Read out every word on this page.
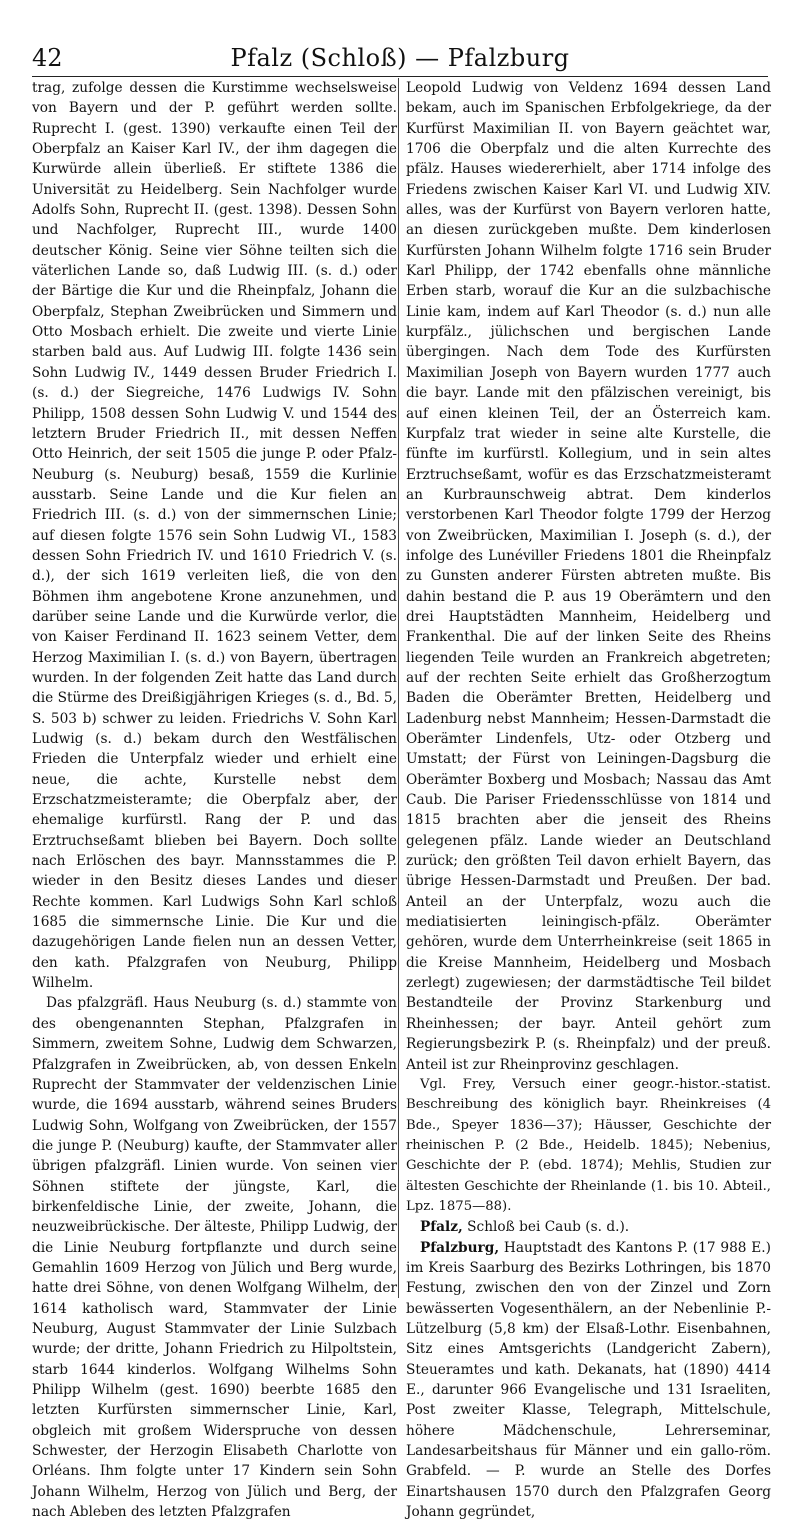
42	Pfalz (Schloß) — Pfalzburg

trag, zufolge dessen die Kurstimme wechselsweise von Bayern und der P. geführt werden sollte. Ruprecht I. (gest. 1390) verkaufte einen Teil der Oberpfalz an Kaiser Karl IV., der ihm dagegen die Kurwürde allein überließ. Er stiftete 1386 die Universität zu Heidelberg. Sein Nachfolger wurde Adolfs Sohn, Ruprecht II. (gest. 1398). Dessen Sohn und Nachfolger, Ruprecht III., wurde 1400 deutscher König. Seine vier Söhne teilten sich die väterlichen Lande so, daß Ludwig III. (s. d.) oder der Bärtige die Kur und die Rheinpfalz, Johann die Oberpfalz, Stephan Zweibrücken und Simmern und Otto Mosbach erhielt. Die zweite und vierte Linie starben bald aus. Auf Ludwig III. folgte 1436 sein Sohn Ludwig IV., 1449 dessen Bruder Friedrich I. (s. d.) der Siegreiche, 1476 Ludwigs IV. Sohn Philipp, 1508 dessen Sohn Ludwig V. und 1544 des letztern Bruder Friedrich II., mit dessen Neffen Otto Heinrich, der seit 1505 die junge P. oder Pfalz-Neuburg (s. Neuburg) besaß, 1559 die Kurlinie ausstarb. Seine Lande und die Kur fielen an Friedrich III. (s. d.) von der simmernschen Linie; auf diesen folgte 1576 sein Sohn Ludwig VI., 1583 dessen Sohn Friedrich IV. und 1610 Friedrich V. (s. d.), der sich 1619 verleiten ließ, die von den Böhmen ihm angebotene Krone anzunehmen, und darüber seine Lande und die Kurwürde verlor, die von Kaiser Ferdinand II. 1623 seinem Vetter, dem Herzog Maximilian I. (s. d.) von Bayern, übertragen wurden. In der folgenden Zeit hatte das Land durch die Stürme des Dreißigjährigen Krieges (s. d., Bd. 5, S. 503 b) schwer zu leiden. Friedrichs V. Sohn Karl Ludwig (s. d.) bekam durch den Westfälischen Frieden die Unterpfalz wieder und erhielt eine neue, die achte, Kurstelle nebst dem Erzschatzmeisteramte; die Oberpfalz aber, der ehemalige kurfürstl. Rang der P. und das Erztruchseßamt blieben bei Bayern. Doch sollte nach Erlöschen des bayr. Mannsstammes die P. wieder in den Besitz dieses Landes und dieser Rechte kommen. Karl Ludwigs Sohn Karl schloß 1685 die simmernsche Linie. Die Kur und die dazugehörigen Lande fielen nun an dessen Vetter, den kath. Pfalzgrafen von Neuburg, Philipp Wilhelm.

Das pfalzgräfl. Haus Neuburg (s. d.) stammte von des obengenannten Stephan, Pfalzgrafen in Simmern, zweitem Sohne, Ludwig dem Schwarzen, Pfalzgrafen in Zweibrücken, ab, von dessen Enkeln Ruprecht der Stammvater der veldenzischen Linie wurde, die 1694 ausstarb, während seines Bruders Ludwig Sohn, Wolfgang von Zweibrücken, der 1557 die junge P. (Neuburg) kaufte, der Stammvater aller übrigen pfalzgräfl. Linien wurde. Von seinen vier Söhnen stiftete der jüngste, Karl, die birkenfeldische Linie, der zweite, Johann, die neuzweibrückische. Der älteste, Philipp Ludwig, der die Linie Neuburg fortpflanzte und durch seine Gemahlin 1609 Herzog von Jülich und Berg wurde, hatte drei Söhne, von denen Wolfgang Wilhelm, der 1614 katholisch ward, Stammvater der Linie Neuburg, August Stammvater der Linie Sulzbach wurde; der dritte, Johann Friedrich zu Hilpoltstein, starb 1644 kinderlos. Wolfgang Wilhelms Sohn Philipp Wilhelm (gest. 1690) beerbte 1685 den letzten Kurfürsten simmernscher Linie, Karl, obgleich mit großem Widerspruche von dessen Schwester, der Herzogin Elisabeth Charlotte von Orléans. Ihm folgte unter 17 Kindern sein Sohn Johann Wilhelm, Herzog von Jülich und Berg, der nach Ableben des letzten Pfalzgrafen

Leopold Ludwig von Veldenz 1694 dessen Land bekam, auch im Spanischen Erbfolgekriege, da der Kurfürst Maximilian II. von Bayern geächtet war, 1706 die Oberpfalz und die alten Kurrechte des pfälz. Hauses wiedererhielt, aber 1714 infolge des Friedens zwischen Kaiser Karl VI. und Ludwig XIV. alles, was der Kurfürst von Bayern verloren hatte, an diesen zurückgeben mußte. Dem kinderlosen Kurfürsten Johann Wilhelm folgte 1716 sein Bruder Karl Philipp, der 1742 ebenfalls ohne männliche Erben starb, worauf die Kur an die sulzbachische Linie kam, indem auf Karl Theodor (s. d.) nun alle kurpfälz., jülichschen und bergischen Lande übergingen. Nach dem Tode des Kurfürsten Maximilian Joseph von Bayern wurden 1777 auch die bayr. Lande mit den pfälzischen vereinigt, bis auf einen kleinen Teil, der an Österreich kam. Kurpfalz trat wieder in seine alte Kurstelle, die fünfte im kurfürstl. Kollegium, und in sein altes Erztruchseßamt, wofür es das Erzschatzmeisteramt an Kurbraunschweig abtrat. Dem kinderlos verstorbenen Karl Theodor folgte 1799 der Herzog von Zweibrücken, Maximilian I. Joseph (s. d.), der infolge des Lunéviller Friedens 1801 die Rheinpfalz zu Gunsten anderer Fürsten abtreten mußte. Bis dahin bestand die P. aus 19 Oberämtern und den drei Hauptstädten Mannheim, Heidelberg und Frankenthal. Die auf der linken Seite des Rheins liegenden Teile wurden an Frankreich abgetreten; auf der rechten Seite erhielt das Großherzogtum Baden die Oberämter Bretten, Heidelberg und Ladenburg nebst Mannheim; Hessen-Darmstadt die Oberämter Lindenfels, Utz- oder Otzberg und Umstatt; der Fürst von Leiningen-Dagsburg die Oberämter Boxberg und Mosbach; Nassau das Amt Caub. Die Pariser Friedensschlüsse von 1814 und 1815 brachten aber die jenseit des Rheins gelegenen pfälz. Lande wieder an Deutschland zurück; den größten Teil davon erhielt Bayern, das übrige Hessen-Darmstadt und Preußen. Der bad. Anteil an der Unterpfalz, wozu auch die mediatisierten leiningisch-pfälz. Oberämter gehören, wurde dem Unterrheinkreise (seit 1865 in die Kreise Mannheim, Heidelberg und Mosbach zerlegt) zugewiesen; der darmstädtische Teil bildet Bestandteile der Provinz Starkenburg und Rheinhessen; der bayr. Anteil gehört zum Regierungsbezirk P. (s. Rheinpfalz) und der preuß. Anteil ist zur Rheinprovinz geschlagen.

Vgl. Frey, Versuch einer geogr.-histor.-statist. Beschreibung des königlich bayr. Rheinkreises (4 Bde., Speyer 1836—37); Häusser, Geschichte der rheinischen P. (2 Bde., Heidelb. 1845); Nebenius, Geschichte der P. (ebd. 1874); Mehlis, Studien zur ältesten Geschichte der Rheinlande (1. bis 10. Abteil., Lpz. 1875—88).

Pfalz, Schloß bei Caub (s. d.).

Pfalzburg, Hauptstadt des Kantons P. (17 988 E.) im Kreis Saarburg des Bezirks Lothringen, bis 1870 Festung, zwischen den von der Zinzel und Zorn bewässerten Vogesenthälern, an der Nebenlinie P.-Lützelburg (5,8 km) der Elsaß-Lothr. Eisenbahnen, Sitz eines Amtsgerichts (Landgericht Zabern), Steueramtes und kath. Dekanats, hat (1890) 4414 E., darunter 966 Evangelische und 131 Israeliten, Post zweiter Klasse, Telegraph, Mittelschule, höhere Mädchenschule, Lehrerseminar, Landesarbeitshaus für Männer und ein gallo-röm. Grabfeld. — P. wurde an Stelle des Dorfes Einartshausen 1570 durch den Pfalzgrafen Georg Johann gegründet,
